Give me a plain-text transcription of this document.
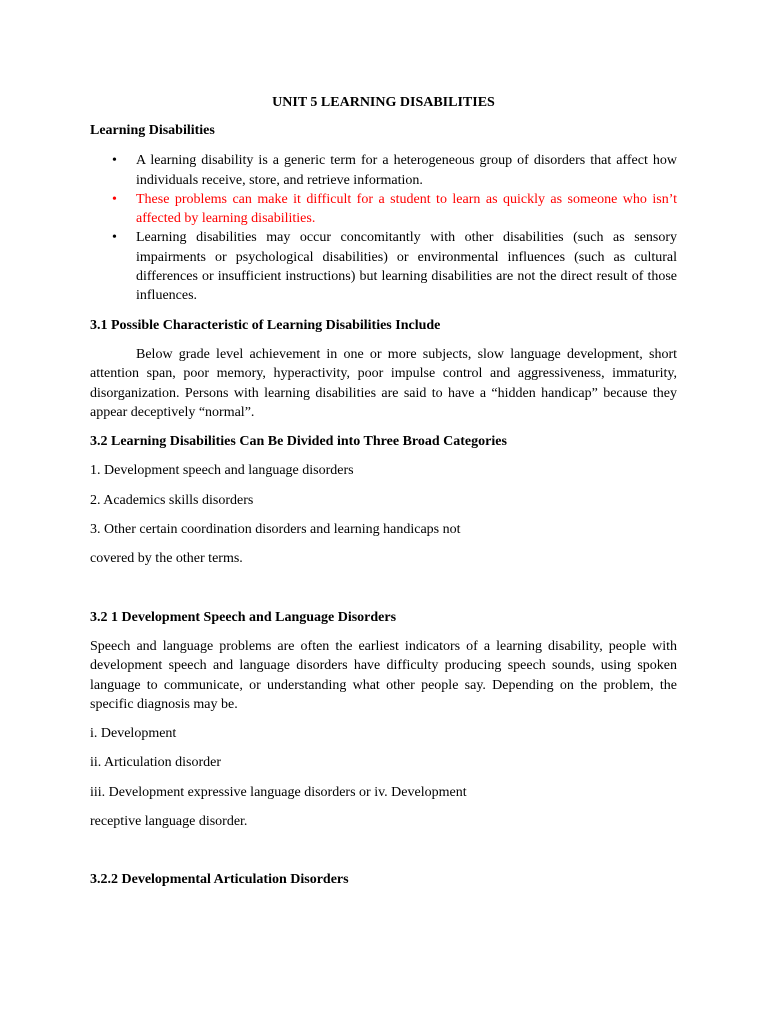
UNIT 5 LEARNING DISABILITIES

Learning Disabilities

• A learning disability is a generic term for a heterogeneous group of disorders that affect how individuals receive, store, and retrieve information.
• These problems can make it difficult for a student to learn as quickly as someone who isn’t affected by learning disabilities.
• Learning disabilities may occur concomitantly with other disabilities (such as sensory impairments or psychological disabilities) or environmental influences (such as cultural differences or insufficient instructions) but learning disabilities are not the direct result of those influences.

3.1 Possible Characteristic of Learning Disabilities Include

Below grade level achievement in one or more subjects, slow language development, short attention span, poor memory, hyperactivity, poor impulse control and aggressiveness, immaturity, disorganization. Persons with learning disabilities are said to have a “hidden handicap” because they appear deceptively “normal”.

3.2 Learning Disabilities Can Be Divided into Three Broad Categories

1. Development speech and language disorders

2. Academics skills disorders

3. Other certain coordination disorders and learning handicaps not

covered by the other terms.

3.2 1 Development Speech and Language Disorders

Speech and language problems are often the earliest indicators of a learning disability, people with development speech and language disorders have difficulty producing speech sounds, using spoken language to communicate, or understanding what other people say. Depending on the problem, the specific diagnosis may be.

i. Development

ii. Articulation disorder

iii. Development expressive language disorders or iv. Development

receptive language disorder.

3.2.2 Developmental Articulation Disorders
